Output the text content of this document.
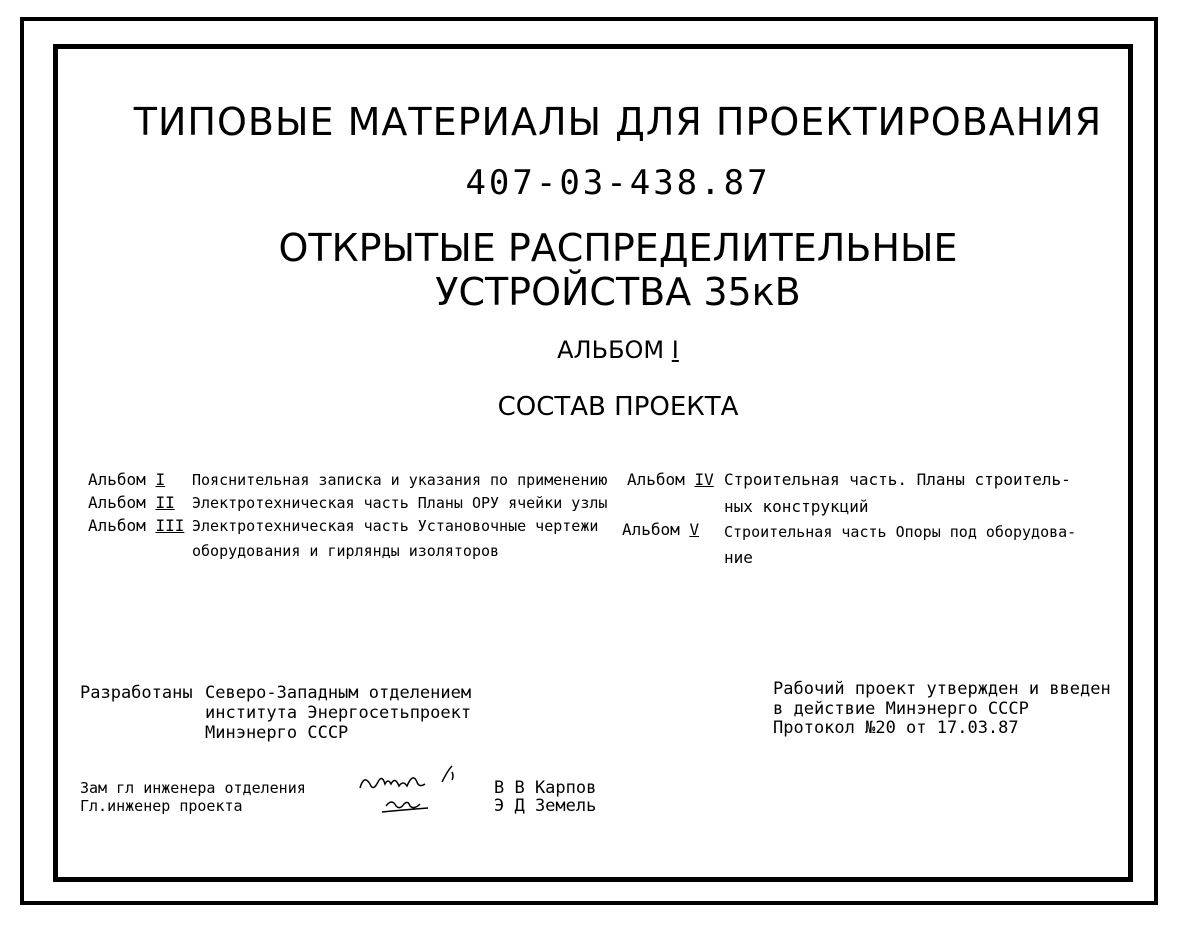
ТИПОВЫЕ МАТЕРИАЛЫ ДЛЯ ПРОЕКТИРОВАНИЯ
407-03-438.87
ОТКРЫТЫЕ РАСПРЕДЕЛИТЕЛЬНЫЕ
УСТРОЙСТВА 35кВ
АЛЬБОМ I
СОСТАВ ПРОЕКТА
Альбом I Пояснительная записка и указания по применению
Альбом II Электротехническая часть Планы ОРУ ячейки узлы
Альбом III Электротехническая часть Установочные чертежи
оборудования и гирлянды изоляторов
Альбом IV Строительная часть. Планы строитель-
ных конструкций
Альбом V Строительная часть Опоры под оборудова-
ние
Разработаны Северо-Западным отделением
института Энергосетьпроект
Минэнерго СССР
Рабочий проект утвержден и введен
в действие Минэнерго СССР
Протокол №20 от 17.03.87
Зам гл инженера отделения
Гл.инженер проекта
В В Карпов
Э Д Земель
